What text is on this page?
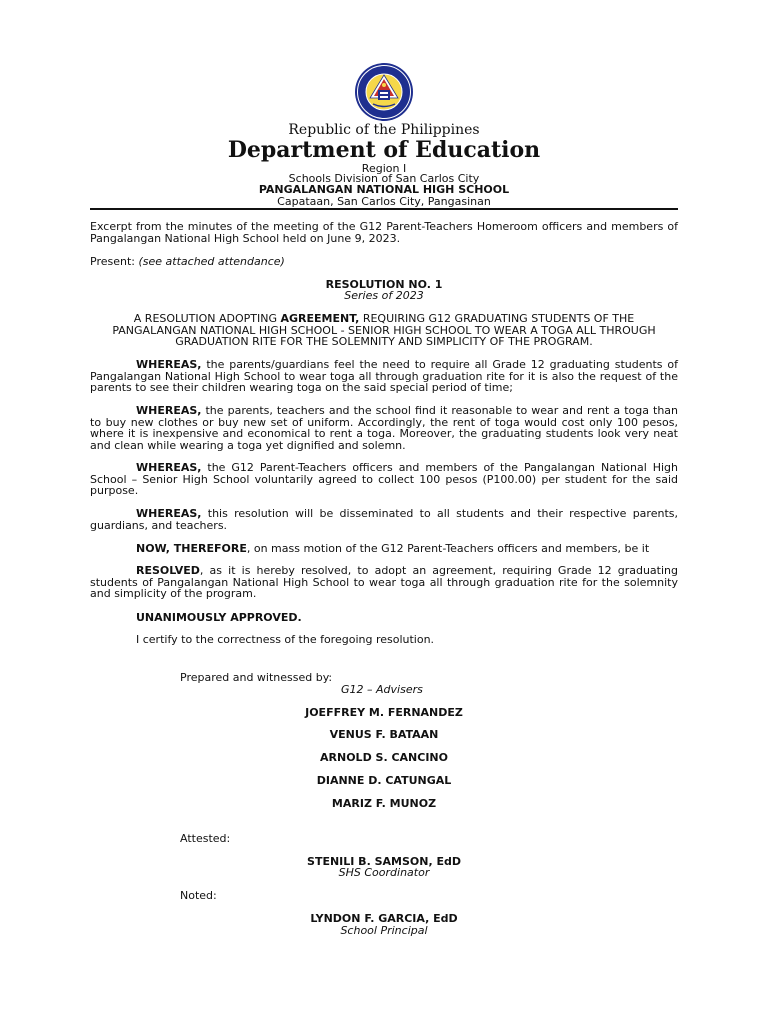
Republic of the Philippines
Department of Education
Region I
Schools Division of San Carlos City
PANGALANGAN NATIONAL HIGH SCHOOL
Capataan, San Carlos City, Pangasinan
Excerpt from the minutes of the meeting of the G12 Parent-Teachers Homeroom officers and members of Pangalangan National High School held on June 9, 2023.
Present: (see attached attendance)
RESOLUTION NO. 1
Series of 2023
A RESOLUTION ADOPTING AGREEMENT, REQUIRING G12 GRADUATING STUDENTS OF THE PANGALANGAN NATIONAL HIGH SCHOOL - SENIOR HIGH SCHOOL TO WEAR A TOGA ALL THROUGH GRADUATION RITE FOR THE SOLEMNITY AND SIMPLICITY OF THE PROGRAM.
WHEREAS, the parents/guardians feel the need to require all Grade 12 graduating students of Pangalangan National High School to wear toga all through graduation rite for it is also the request of the parents to see their children wearing toga on the said special period of time;
WHEREAS, the parents, teachers and the school find it reasonable to wear and rent a toga than to buy new clothes or buy new set of uniform. Accordingly, the rent of toga would cost only 100 pesos, where it is inexpensive and economical to rent a toga. Moreover, the graduating students look very neat and clean while wearing a toga yet dignified and solemn.
WHEREAS, the G12 Parent-Teachers officers and members of the Pangalangan National High School – Senior High School voluntarily agreed to collect 100 pesos (P100.00) per student for the said purpose.
WHEREAS, this resolution will be disseminated to all students and their respective parents, guardians, and teachers.
NOW, THEREFORE, on mass motion of the G12 Parent-Teachers officers and members, be it
RESOLVED, as it is hereby resolved, to adopt an agreement, requiring Grade 12 graduating students of Pangalangan National High School to wear toga all through graduation rite for the solemnity and simplicity of the program.
UNANIMOUSLY APPROVED.
I certify to the correctness of the foregoing resolution.
Prepared and witnessed by:
G12 – Advisers
JOEFFREY M. FERNANDEZ
VENUS F. BATAAN
ARNOLD S. CANCINO
DIANNE D. CATUNGAL
MARIZ F. MUNOZ
Attested:
STENILI B. SAMSON, EdD
SHS Coordinator
Noted:
LYNDON F. GARCIA, EdD
School Principal
